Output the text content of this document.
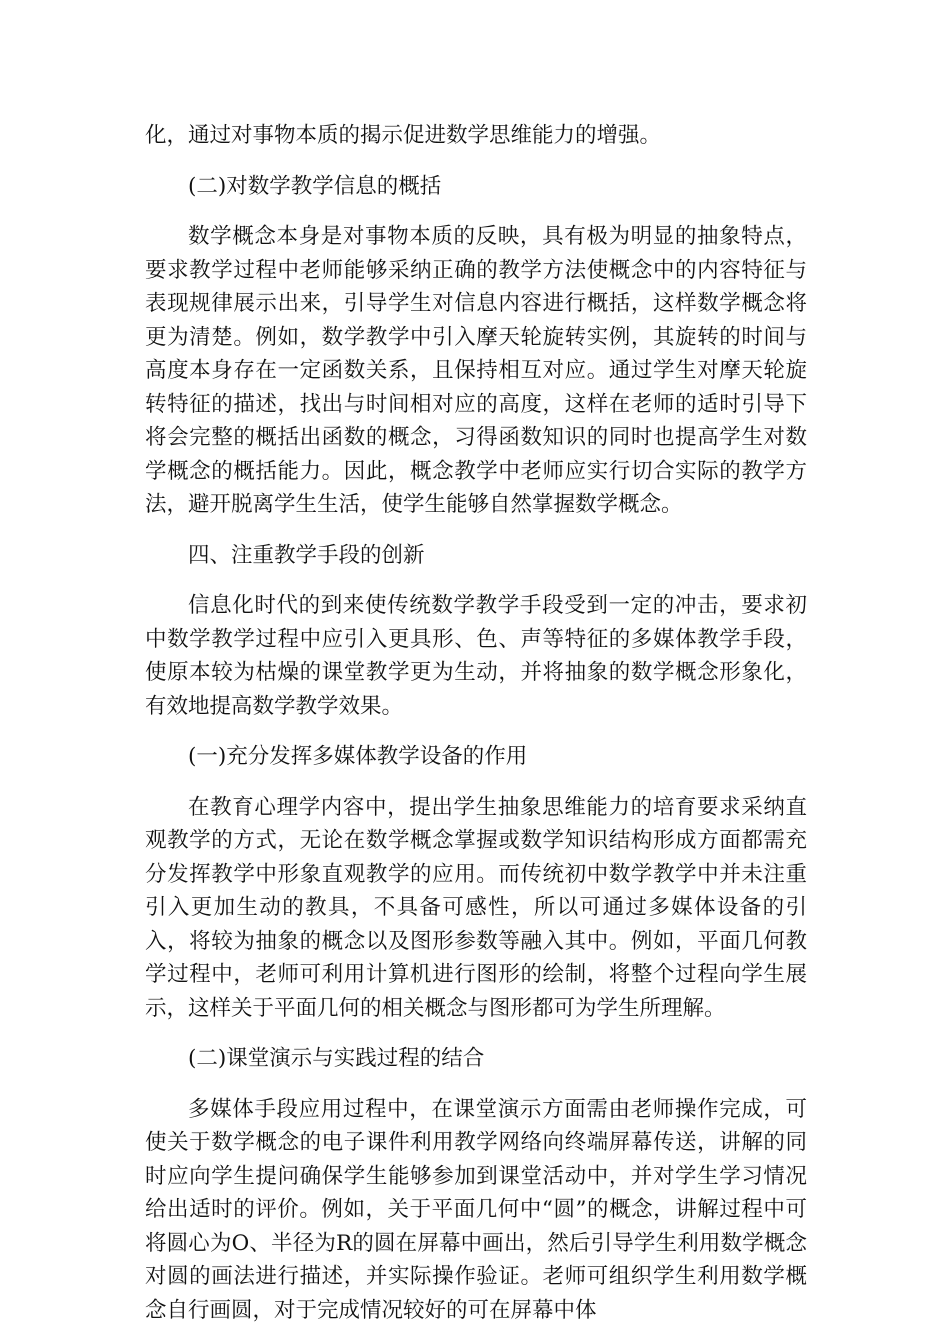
化，通过对事物本质的揭示促进数学思维能力的增强。

(二)对数学教学信息的概括

数学概念本身是对事物本质的反映，具有极为明显的抽象特点，要求教学过程中老师能够采纳正确的教学方法使概念中的内容特征与表现规律展示出来，引导学生对信息内容进行概括，这样数学概念将更为清楚。例如，数学教学中引入摩天轮旋转实例，其旋转的时间与高度本身存在一定函数关系，且保持相互对应。通过学生对摩天轮旋转特征的描述，找出与时间相对应的高度，这样在老师的适时引导下将会完整的概括出函数的概念，习得函数知识的同时也提高学生对数学概念的概括能力。因此，概念教学中老师应实行切合实际的教学方法，避开脱离学生生活，使学生能够自然掌握数学概念。

四、注重教学手段的创新

信息化时代的到来使传统数学教学手段受到一定的冲击，要求初中数学教学过程中应引入更具形、色、声等特征的多媒体教学手段，使原本较为枯燥的课堂教学更为生动，并将抽象的数学概念形象化，有效地提高数学教学效果。

(一)充分发挥多媒体教学设备的作用

在教育心理学内容中，提出学生抽象思维能力的培育要求采纳直观教学的方式，无论在数学概念掌握或数学知识结构形成方面都需充分发挥教学中形象直观教学的应用。而传统初中数学教学中并未注重引入更加生动的教具，不具备可感性，所以可通过多媒体设备的引入，将较为抽象的概念以及图形参数等融入其中。例如，平面几何教学过程中，老师可利用计算机进行图形的绘制，将整个过程向学生展示，这样关于平面几何的相关概念与图形都可为学生所理解。

(二)课堂演示与实践过程的结合

多媒体手段应用过程中，在课堂演示方面需由老师操作完成，可使关于数学概念的电子课件利用教学网络向终端屏幕传送，讲解的同时应向学生提问确保学生能够参加到课堂活动中，并对学生学习情况给出适时的评价。例如，关于平面几何中“圆”的概念，讲解过程中可将圆心为O、半径为R的圆在屏幕中画出，然后引导学生利用数学概念对圆的画法进行描述，并实际操作验证。老师可组织学生利用数学概念自行画圆，对于完成情况较好的可在屏幕中体
